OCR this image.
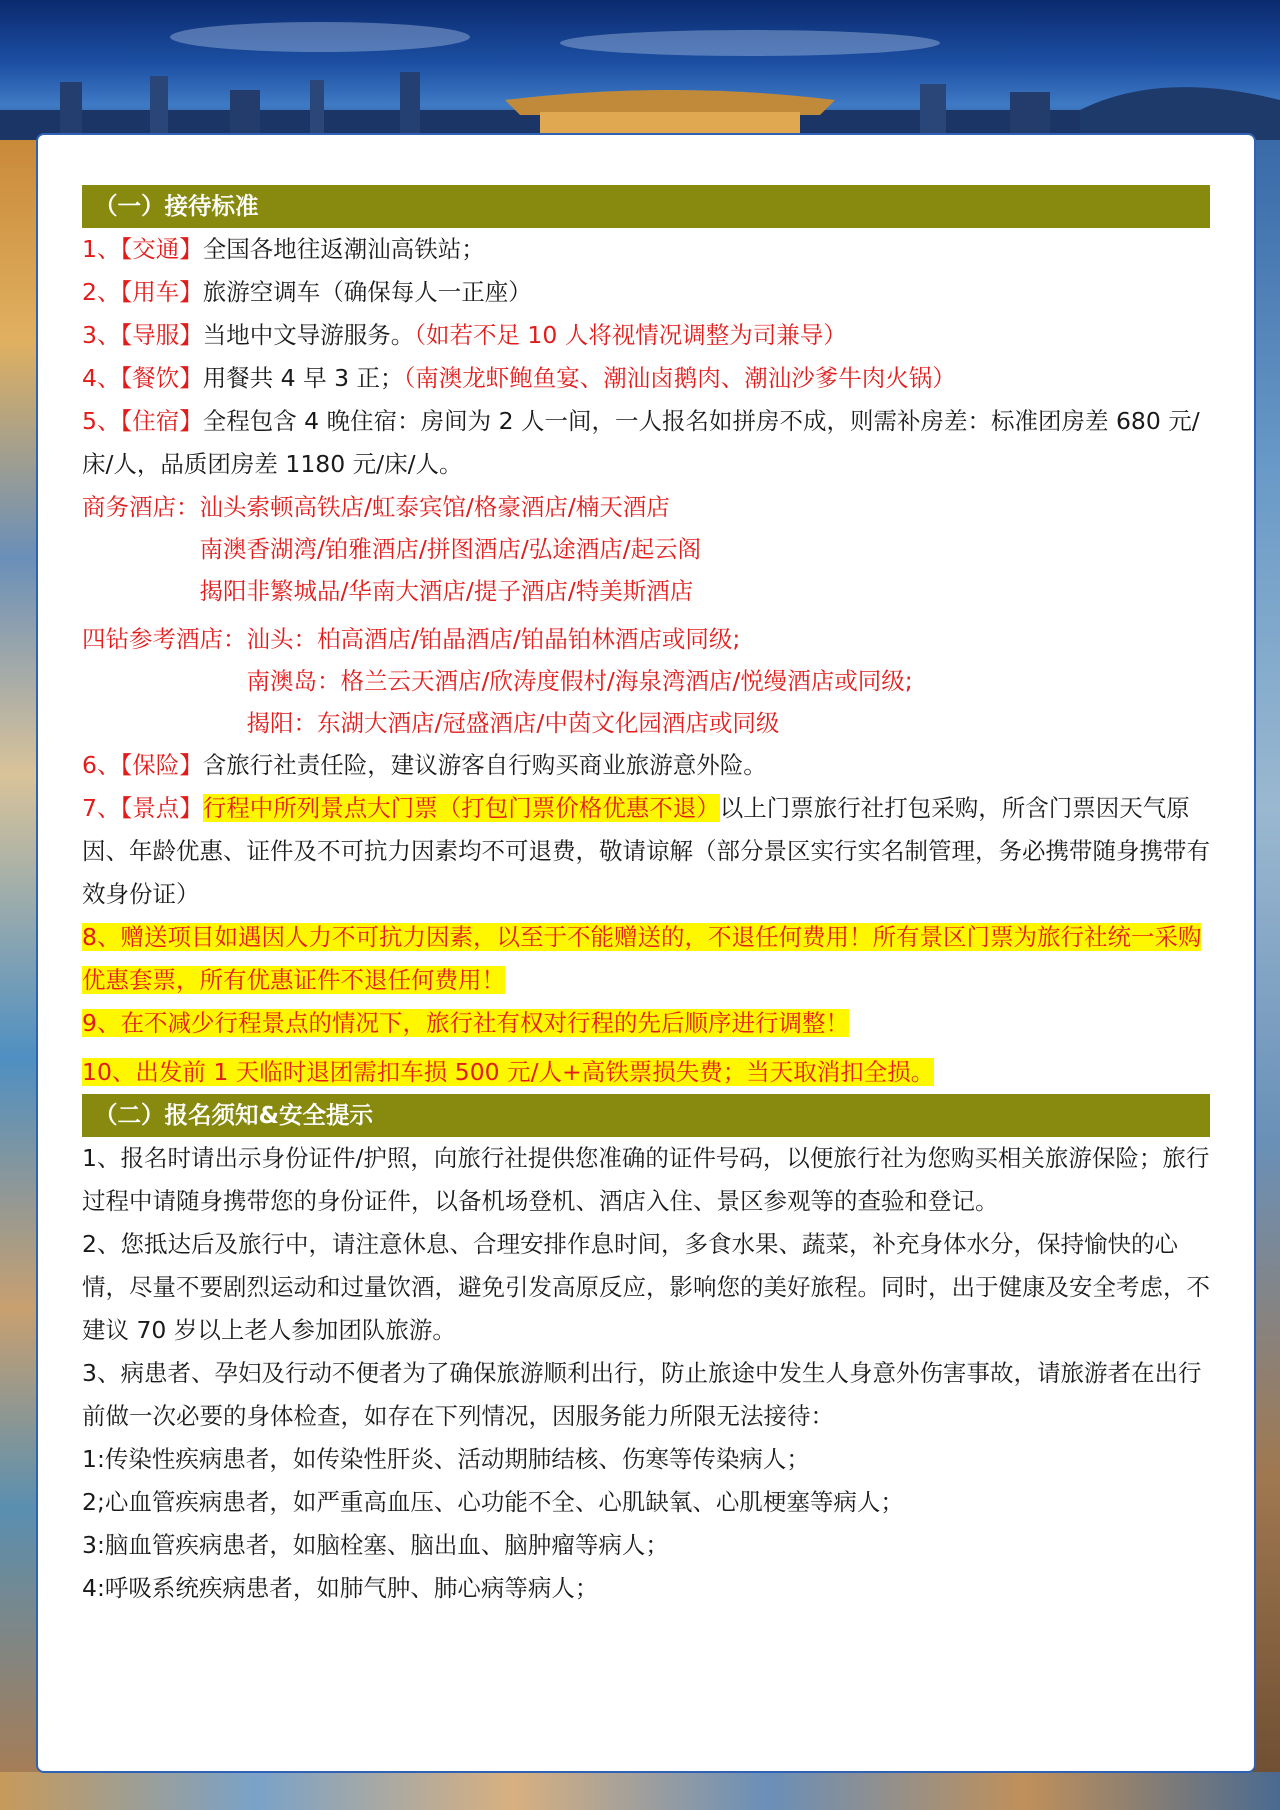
（一）接待标准
1、【交通】全国各地往返潮汕高铁站；
2、【用车】旅游空调车（确保每人一正座）
3、【导服】当地中文导游服务。（如若不足 10 人将视情况调整为司兼导）
4、【餐饮】用餐共 4 早 3 正；（南澳龙虾鲍鱼宴、潮汕卤鹅肉、潮汕沙爹牛肉火锅）
5、【住宿】全程包含 4 晚住宿：房间为 2 人一间，一人报名如拼房不成，则需补房差：标准团房差 680 元/床/人，品质团房差 1180 元/床/人。
商务酒店： 汕头索顿高铁店/虹泰宾馆/格豪酒店/楠天酒店
南澳香湖湾/铂雅酒店/拼图酒店/弘途酒店/起云阁
揭阳非繁城品/华南大酒店/提子酒店/特美斯酒店
四钻参考酒店： 汕头：柏高酒店/铂晶酒店/铂晶铂林酒店或同级;
南澳岛：格兰云天酒店/欣涛度假村/海泉湾酒店/悦缦酒店或同级;
揭阳：东湖大酒店/冠盛酒店/中茵文化园酒店或同级
6、【保险】含旅行社责任险，建议游客自行购买商业旅游意外险。
7、【景点】行程中所列景点大门票（打包门票价格优惠不退）以上门票旅行社打包采购，所含门票因天气原因、年龄优惠、证件及不可抗力因素均不可退费，敬请谅解（部分景区实行实名制管理，务必携带随身携带有效身份证）
8、赠送项目如遇因人力不可抗力因素，以至于不能赠送的，不退任何费用！所有景区门票为旅行社统一采购优惠套票，所有优惠证件不退任何费用！
9、在不减少行程景点的情况下，旅行社有权对行程的先后顺序进行调整！
10、出发前 1 天临时退团需扣车损 500 元/人+高铁票损失费；当天取消扣全损。
（二）报名须知&安全提示
1、报名时请出示身份证件/护照，向旅行社提供您准确的证件号码，以便旅行社为您购买相关旅游保险；旅行过程中请随身携带您的身份证件，以备机场登机、酒店入住、景区参观等的查验和登记。
2、您抵达后及旅行中，请注意休息、合理安排作息时间，多食水果、蔬菜，补充身体水分，保持愉快的心情，尽量不要剧烈运动和过量饮酒，避免引发高原反应，影响您的美好旅程。同时，出于健康及安全考虑，不建议 70 岁以上老人参加团队旅游。
3、病患者、孕妇及行动不便者为了确保旅游顺利出行，防止旅途中发生人身意外伤害事故，请旅游者在出行前做一次必要的身体检查，如存在下列情况，因服务能力所限无法接待：
1:传染性疾病患者，如传染性肝炎、活动期肺结核、伤寒等传染病人；
2;心血管疾病患者，如严重高血压、心功能不全、心肌缺氧、心肌梗塞等病人；
3:脑血管疾病患者，如脑栓塞、脑出血、脑肿瘤等病人；
4:呼吸系统疾病患者，如肺气肿、肺心病等病人；
